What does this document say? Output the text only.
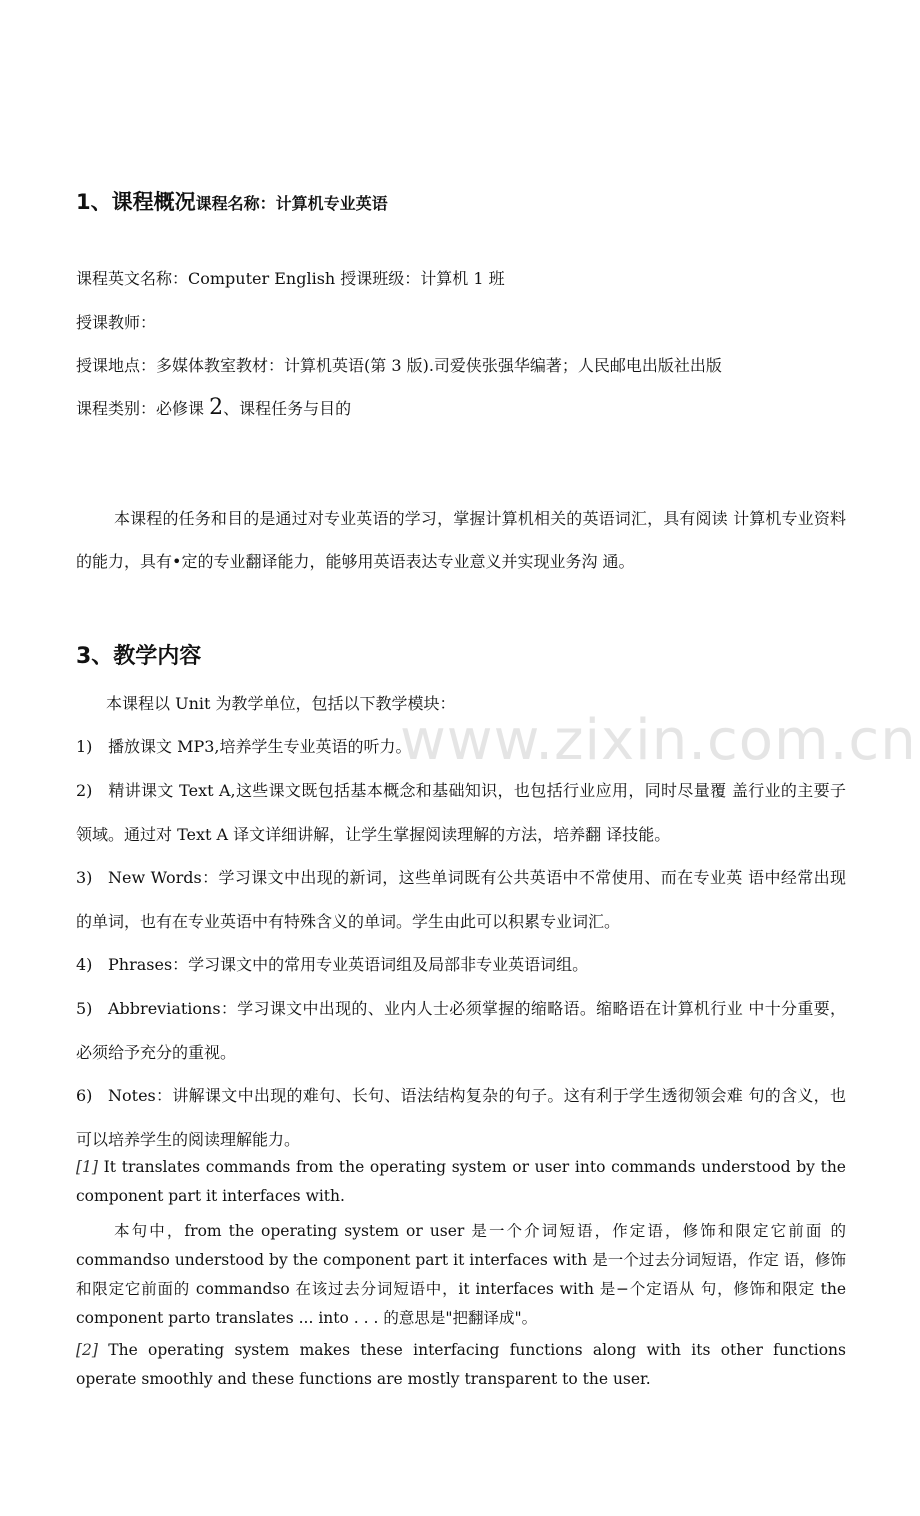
1、课程概况课程名称：计算机专业英语
课程英文名称：Computer English 授课班级：计算机 1 班
授课教师：
授课地点：多媒体教室教材：计算机英语(第 3 版).司爱侠张强华编著；人民邮电出版社出版
课程类别：必修课 2、课程任务与目的
本课程的任务和目的是通过对专业英语的学习，掌握计算机相关的英语词汇，具有阅读 计算机专业资料的能力，具有•定的专业翻译能力，能够用英语表达专业意义并实现业务沟 通。
3、教学内容
本课程以 Unit 为教学单位，包括以下教学模块：
1) 播放课文 MP3,培养学生专业英语的听力。
2) 精讲课文 Text A,这些课文既包括基本概念和基础知识，也包括行业应用，同时尽量覆 盖行业的主要子领域。通过对 Text A 译文详细讲解，让学生掌握阅读理解的方法，培养翻 译技能。
3) New Words：学习课文中出现的新词，这些单词既有公共英语中不常使用、而在专业英 语中经常出现的单词，也有在专业英语中有特殊含义的单词。学生由此可以积累专业词汇。
4) Phrases：学习课文中的常用专业英语词组及局部非专业英语词组。
5) Abbreviations：学习课文中出现的、业内人士必须掌握的缩略语。缩略语在计算机行业 中十分重要，必须给予充分的重视。
6) Notes：讲解课文中出现的难句、长句、语法结构复杂的句子。这有利于学生透彻领会难 句的含义，也可以培养学生的阅读理解能力。
[1] It translates commands from the operating system or user into commands understood by the component part it interfaces with.
本句中，from the operating system or user 是一个介词短语，作定语，修饰和限定它前面 的 commandso understood by the component part it interfaces with 是一个过去分词短语，作定 语，修饰和限定它前面的 commandso 在该过去分词短语中，it interfaces with 是−个定语从 句，修饰和限定 the component parto translates ... into . . . 的意思是"把翻译成"。
[2] The operating system makes these interfacing functions along with its other functions operate smoothly and these functions are mostly transparent to the user.
www.zixin.com.cn
